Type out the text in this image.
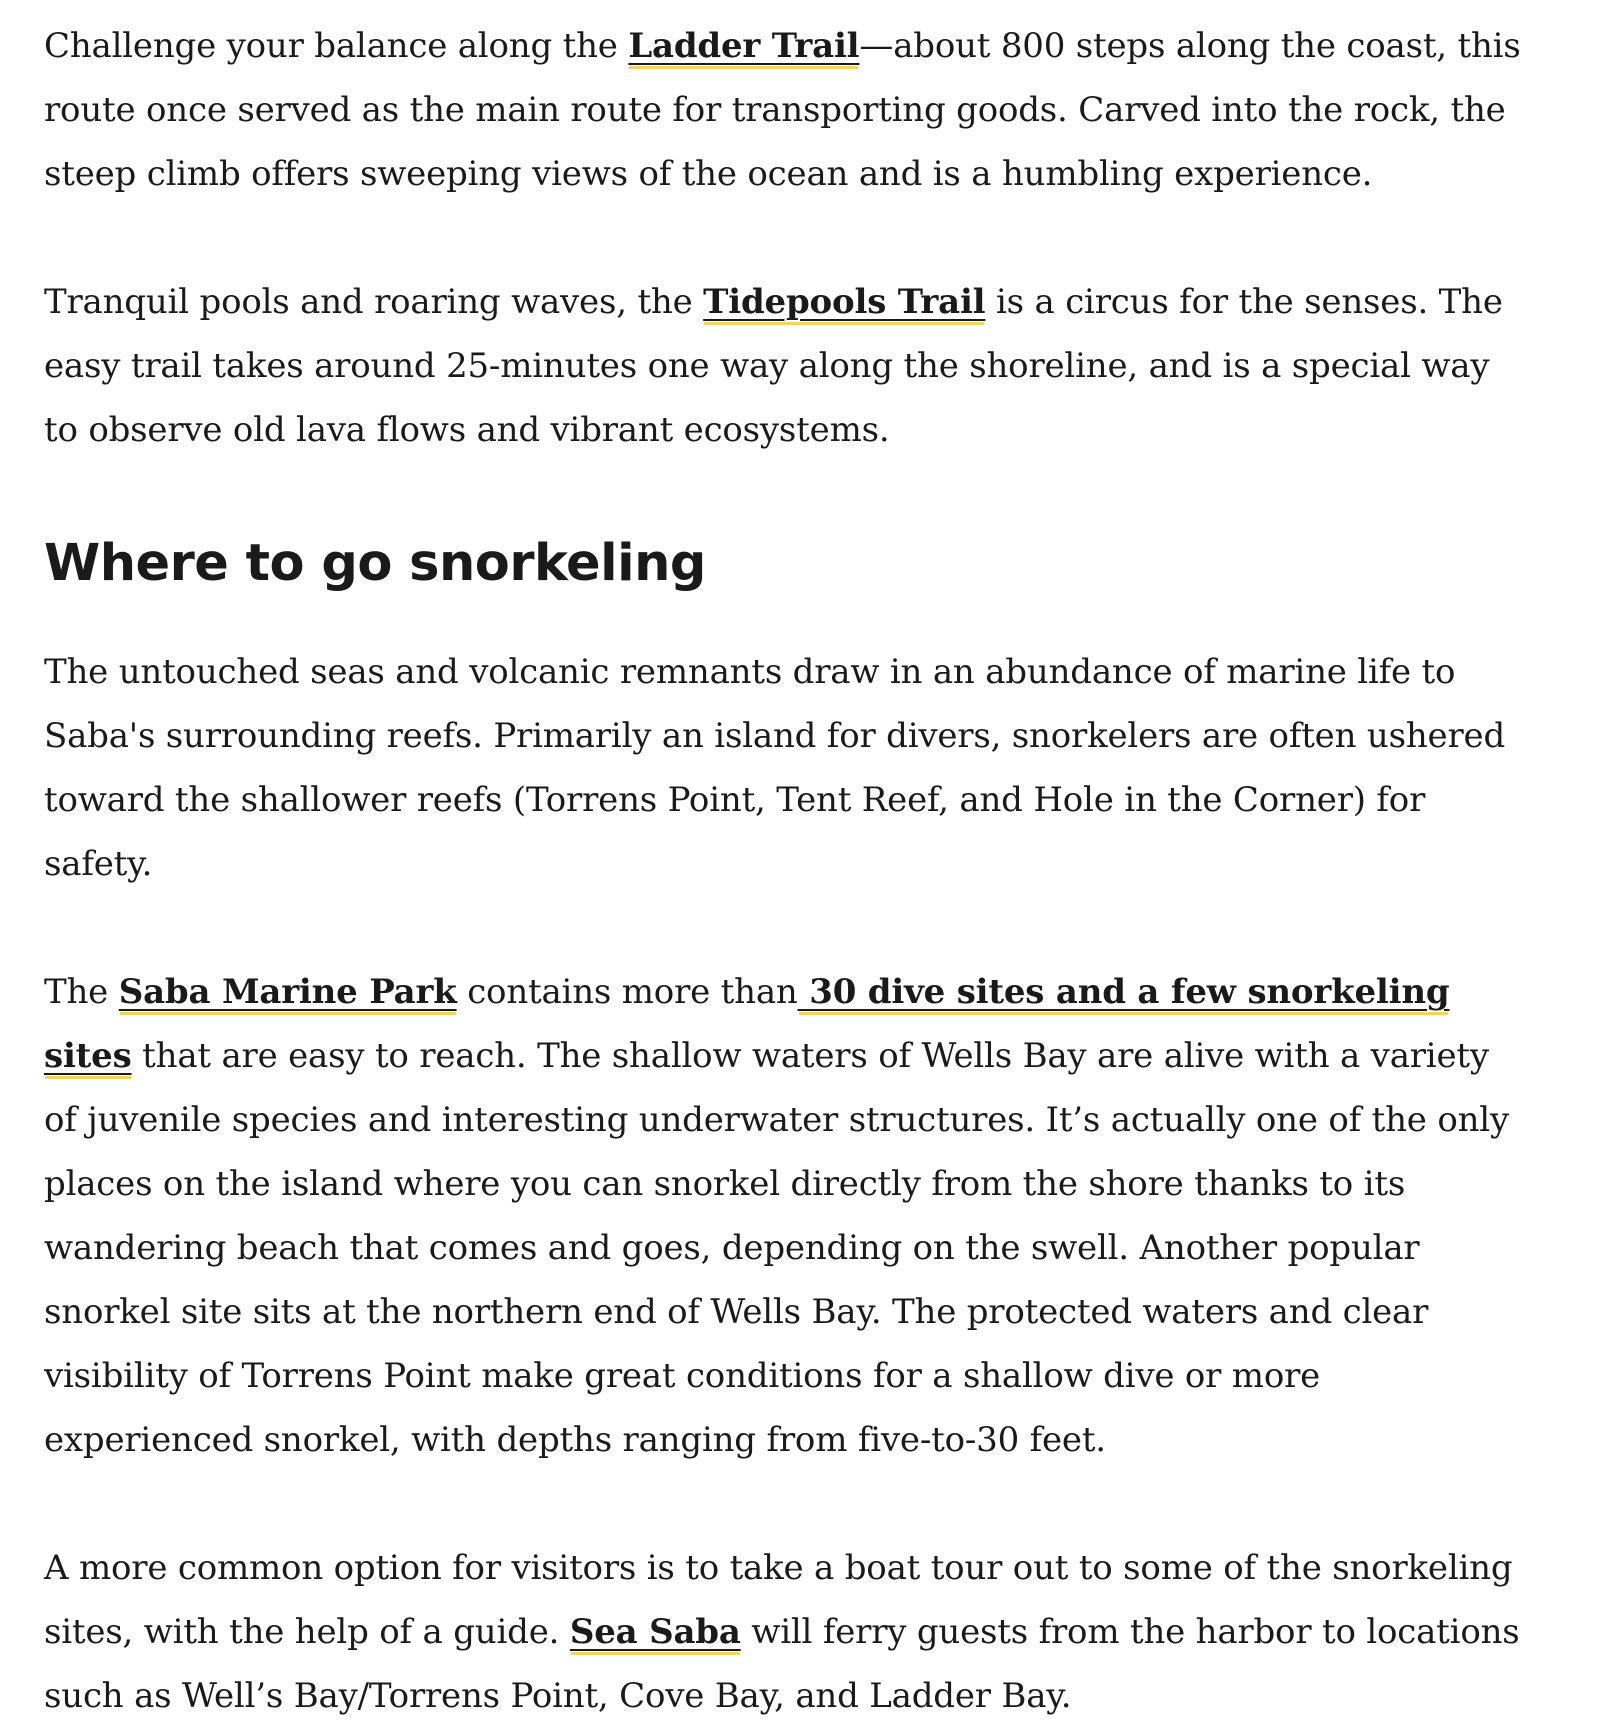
Challenge your balance along the Ladder Trail—about 800 steps along the coast, this route once served as the main route for transporting goods. Carved into the rock, the steep climb offers sweeping views of the ocean and is a humbling experience.

Tranquil pools and roaring waves, the Tidepools Trail is a circus for the senses. The easy trail takes around 25-minutes one way along the shoreline, and is a special way to observe old lava flows and vibrant ecosystems.

Where to go snorkeling

The untouched seas and volcanic remnants draw in an abundance of marine life to Saba's surrounding reefs. Primarily an island for divers, snorkelers are often ushered toward the shallower reefs (Torrens Point, Tent Reef, and Hole in the Corner) for safety.

The Saba Marine Park contains more than 30 dive sites and a few snorkeling sites that are easy to reach. The shallow waters of Wells Bay are alive with a variety of juvenile species and interesting underwater structures. It’s actually one of the only places on the island where you can snorkel directly from the shore thanks to its wandering beach that comes and goes, depending on the swell. Another popular snorkel site sits at the northern end of Wells Bay. The protected waters and clear visibility of Torrens Point make great conditions for a shallow dive or more experienced snorkel, with depths ranging from five-to-30 feet.

A more common option for visitors is to take a boat tour out to some of the snorkeling sites, with the help of a guide. Sea Saba will ferry guests from the harbor to locations such as Well’s Bay/Torrens Point, Cove Bay, and Ladder Bay.
